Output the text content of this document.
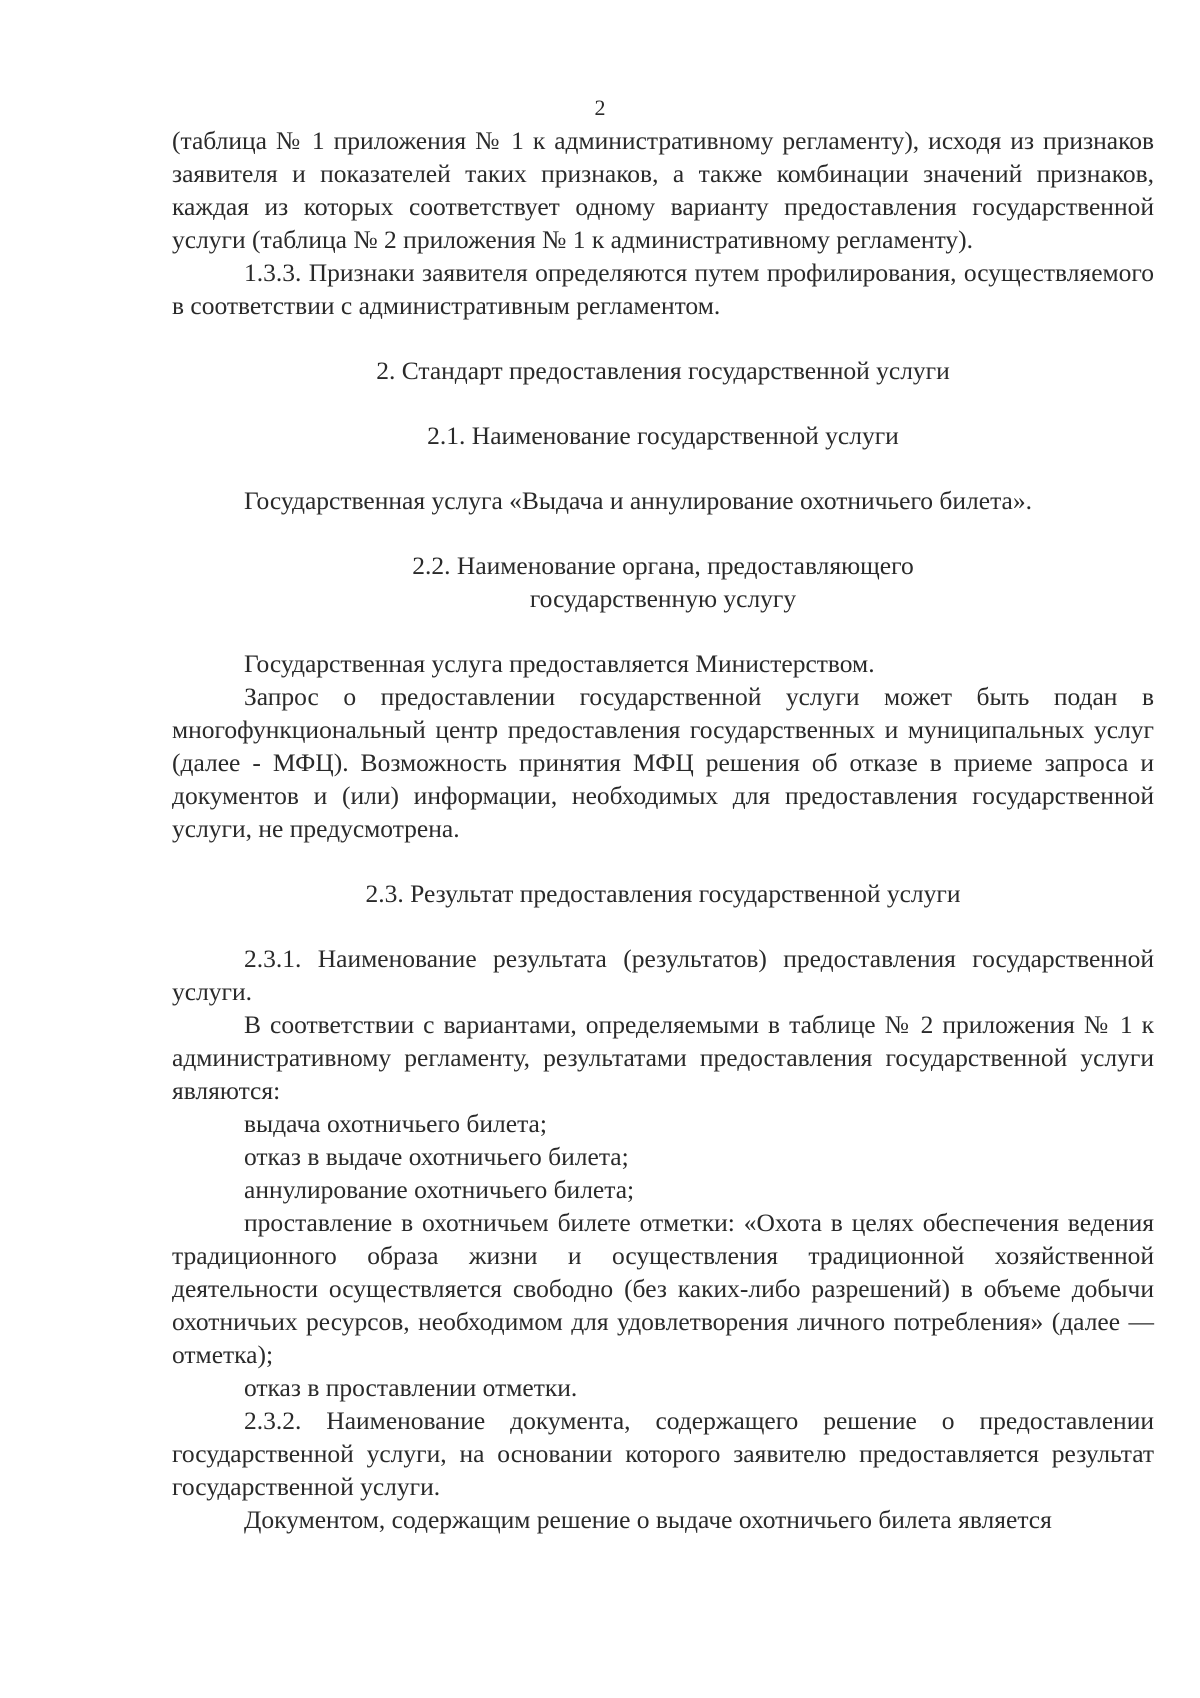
2

(таблица № 1 приложения № 1 к административному регламенту), исходя из признаков заявителя и показателей таких признаков, а также комбинации значений признаков, каждая из которых соответствует одному варианту предоставления государственной услуги (таблица № 2 приложения № 1 к административному регламенту).

1.3.3. Признаки заявителя определяются путем профилирования, осуществляемого в соответствии с административным регламентом.

2. Стандарт предоставления государственной услуги

2.1. Наименование государственной услуги

Государственная услуга «Выдача и аннулирование охотничьего билета».

2.2. Наименование органа, предоставляющего

государственную услугу

Государственная услуга предоставляется Министерством.

Запрос о предоставлении государственной услуги может быть подан в многофункциональный центр предоставления государственных и муниципальных услуг (далее - МФЦ). Возможность принятия МФЦ решения об отказе в приеме запроса и документов и (или) информации, необходимых для предоставления государственной услуги, не предусмотрена.

2.3. Результат предоставления государственной услуги

2.3.1. Наименование результата (результатов) предоставления государственной услуги.

В соответствии с вариантами, определяемыми в таблице № 2 приложения № 1 к административному регламенту, результатами предоставления государственной услуги являются:

выдача охотничьего билета;

отказ в выдаче охотничьего билета;

аннулирование охотничьего билета;

проставление в охотничьем билете отметки: «Охота в целях обеспечения ведения традиционного образа жизни и осуществления традиционной хозяйственной деятельности осуществляется свободно (без каких-либо разрешений) в объеме добычи охотничьих ресурсов, необходимом для удовлетворения личного потребления» (далее — отметка);

отказ в проставлении отметки.

2.3.2. Наименование документа, содержащего решение о предоставлении государственной услуги, на основании которого заявителю предоставляется результат государственной услуги.

Документом, содержащим решение о выдаче охотничьего билета является
